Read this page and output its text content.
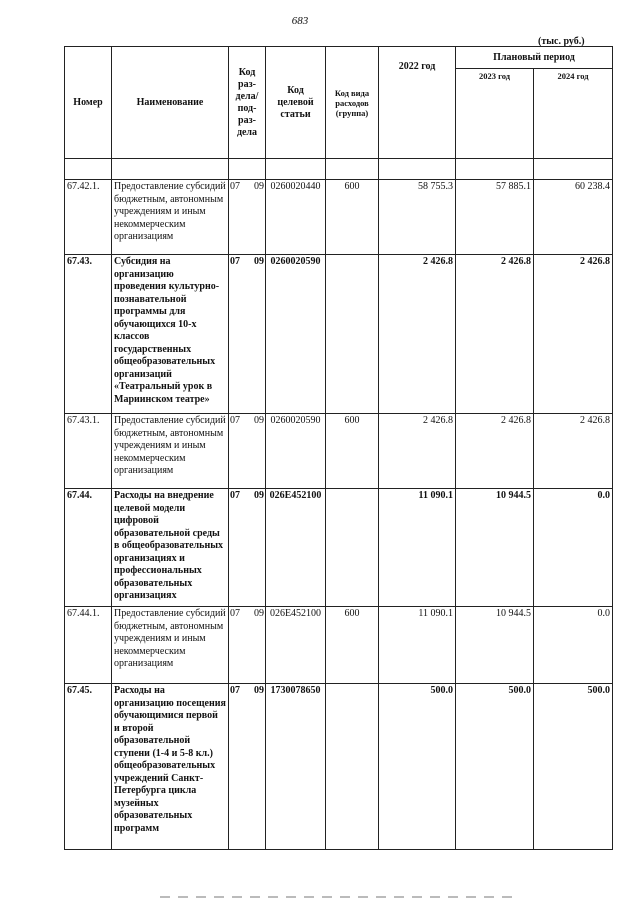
683
(тыс. руб.)
Номер	Наименование	Код раз-дела/ под-раз-дела	Код целевой статьи	Код вида расходов (группа)	2022 год	Плановый период	
						2023 год	2024 год

67.42.1.	Предоставление субсидий бюджетным, автономным учреждениям и иным некоммерческим организациям	07 09	0260020440	600	58 755.3	57 885.1	60 238.4
67.43.	Субсидия на организацию проведения культурно-познавательной программы для обучающихся 10-х классов государственных общеобразовательных организаций «Театральный урок в Мариинском театре»	07 09	0260020590		2 426.8	2 426.8	2 426.8
67.43.1.	Предоставление субсидий бюджетным, автономным учреждениям и иным некоммерческим организациям	07 09	0260020590	600	2 426.8	2 426.8	2 426.8
67.44.	Расходы на внедрение целевой модели цифровой образовательной среды в общеобразовательных организациях и профессиональных образовательных организациях	07 09	026E452100		11 090.1	10 944.5	0.0
67.44.1.	Предоставление субсидий бюджетным, автономным учреждениям и иным некоммерческим организациям	07 09	026E452100	600	11 090.1	10 944.5	0.0
67.45.	Расходы на организацию посещения обучающимися первой и второй образовательной ступени (1-4 и 5-8 кл.) общеобразовательных учреждений Санкт-Петербурга цикла музейных образовательных программ	07 09	1730078650		500.0	500.0	500.0
